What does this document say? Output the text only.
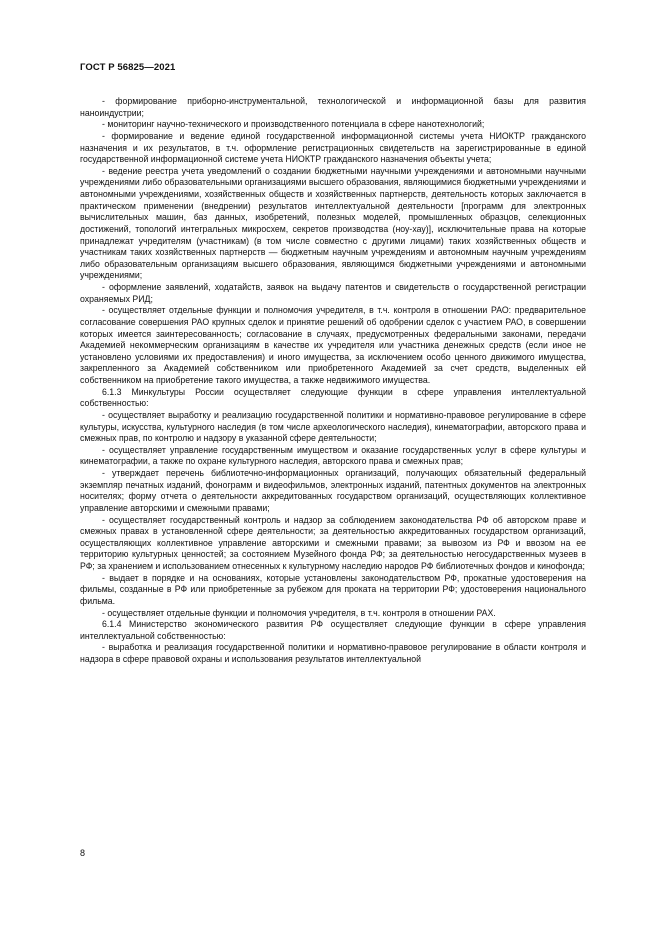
ГОСТ Р 56825—2021

- формирование приборно-инструментальной, технологической и информационной базы для развития наноиндустрии;

- мониторинг научно-технического и производственного потенциала в сфере нанотехнологий;

- формирование и ведение единой государственной информационной системы учета НИОКТР гражданского назначения и их результатов, в т.ч. оформление регистрационных свидетельств на зарегистрированные в единой государственной информационной системе учета НИОКТР гражданского назначения объекты учета;

- ведение реестра учета уведомлений о создании бюджетными научными учреждениями и автономными научными учреждениями либо образовательными организациями высшего образования, являющимися бюджетными учреждениями и автономными учреждениями, хозяйственных обществ и хозяйственных партнерств, деятельность которых заключается в практическом применении (внедрении) результатов интеллектуальной деятельности [программ для электронных вычислительных машин, баз данных, изобретений, полезных моделей, промышленных образцов, селекционных достижений, топологий интегральных микросхем, секретов производства (ноу-хау)], исключительные права на которые принадлежат учредителям (участникам) (в том числе совместно с другими лицами) таких хозяйственных обществ и участникам таких хозяйственных партнерств — бюджетным научным учреждениям и автономным научным учреждениям либо образовательным организациям высшего образования, являющимся бюджетными учреждениями и автономными учреждениями;

- оформление заявлений, ходатайств, заявок на выдачу патентов и свидетельств о государственной регистрации охраняемых РИД;

- осуществляет отдельные функции и полномочия учредителя, в т.ч. контроля в отношении РАО: предварительное согласование совершения РАО крупных сделок и принятие решений об одобрении сделок с участием РАО, в совершении которых имеется заинтересованность; согласование в случаях, предусмотренных федеральными законами, передачи Академией некоммерческим организациям в качестве их учредителя или участника денежных средств (если иное не установлено условиями их предоставления) и иного имущества, за исключением особо ценного движимого имущества, закрепленного за Академией собственником или приобретенного Академией за счет средств, выделенных ей собственником на приобретение такого имущества, а также недвижимого имущества.

6.1.3 Минкультуры России осуществляет следующие функции в сфере управления интеллектуальной собственностью:

- осуществляет выработку и реализацию государственной политики и нормативно-правовое регулирование в сфере культуры, искусства, культурного наследия (в том числе археологического наследия), кинематографии, авторского права и смежных прав, по контролю и надзору в указанной сфере деятельности;

- осуществляет управление государственным имуществом и оказание государственных услуг в сфере культуры и кинематографии, а также по охране культурного наследия, авторского права и смежных прав;

- утверждает перечень библиотечно-информационных организаций, получающих обязательный федеральный экземпляр печатных изданий, фонограмм и видеофильмов, электронных изданий, патентных документов на электронных носителях; форму отчета о деятельности аккредитованных государством организаций, осуществляющих коллективное управление авторскими и смежными правами;

- осуществляет государственный контроль и надзор за соблюдением законодательства РФ об авторском праве и смежных правах в установленной сфере деятельности; за деятельностью аккредитованных государством организаций, осуществляющих коллективное управление авторскими и смежными правами; за вывозом из РФ и ввозом на ее территорию культурных ценностей; за состоянием Музейного фонда РФ; за деятельностью негосударственных музеев в РФ; за хранением и использованием отнесенных к культурному наследию народов РФ библиотечных фондов и кинофонда;

- выдает в порядке и на основаниях, которые установлены законодательством РФ, прокатные удостоверения на фильмы, созданные в РФ или приобретенные за рубежом для проката на территории РФ; удостоверения национального фильма.

- осуществляет отдельные функции и полномочия учредителя, в т.ч. контроля в отношении РАХ.

6.1.4 Министерство экономического развития РФ осуществляет следующие функции в сфере управления интеллектуальной собственностью:

- выработка и реализация государственной политики и нормативно-правовое регулирование в области контроля и надзора в сфере правовой охраны и использования результатов интеллектуальной

8
